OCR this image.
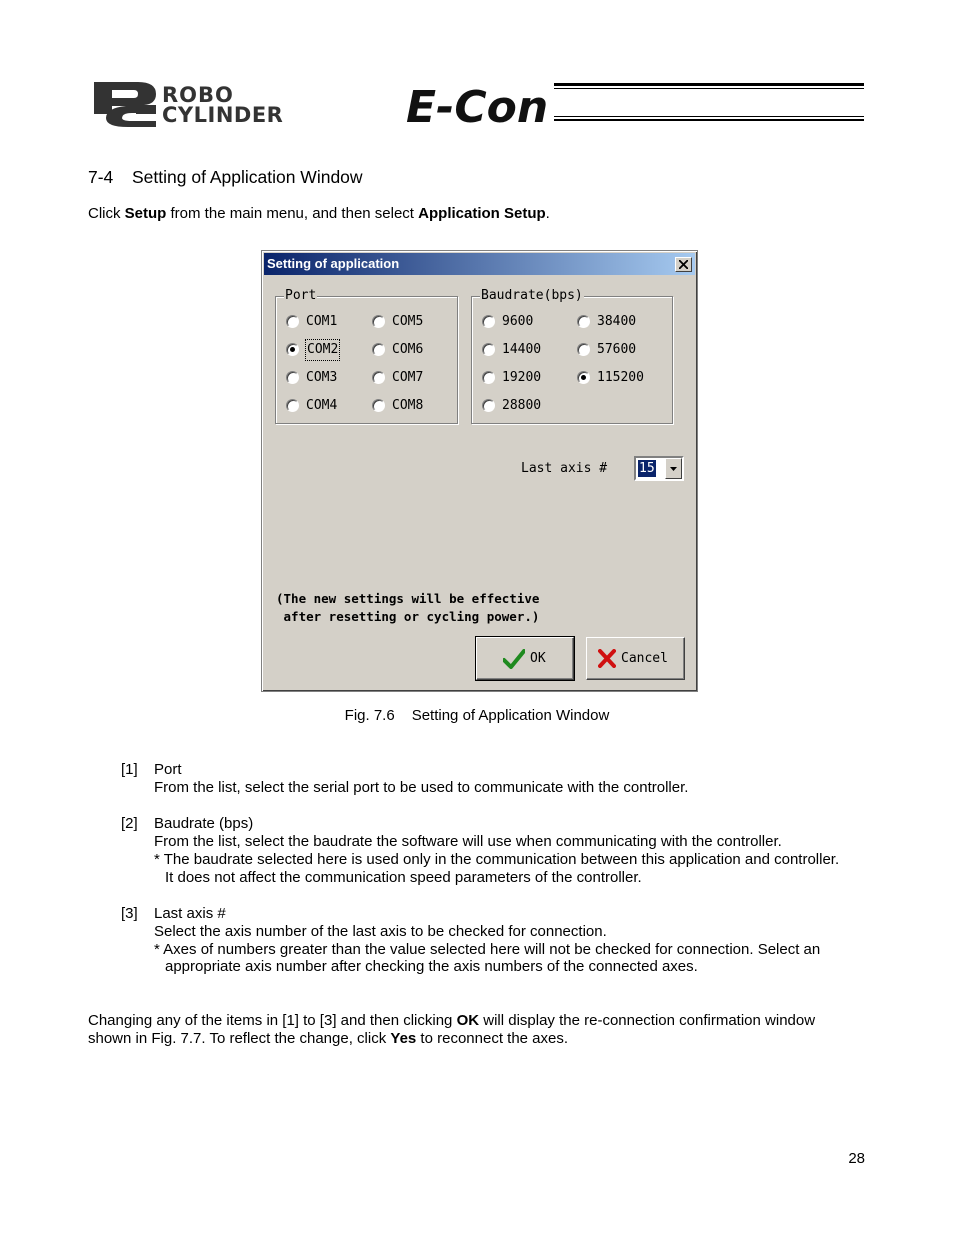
ROBO
CYLINDER	E-Con
7-4 Setting of Application Window
Click Setup from the main menu, and then select Application Setup.
Setting of application
Port
COM1
COM2
COM3
COM4
COM5
COM6
COM7
COM8
Baudrate(bps)
9600
14400
19200
28800
38400
57600
115200
Last axis # 15
(The new settings will be effective
after resetting or cycling power.)
OK	Cancel
Fig. 7.6 Setting of Application Window
[1] Port
From the list, select the serial port to be used to communicate with the controller.
[2] Baudrate (bps)
From the list, select the baudrate the software will use when communicating with the controller.
* The baudrate selected here is used only in the communication between this application and controller.
It does not affect the communication speed parameters of the controller.
[3] Last axis #
Select the axis number of the last axis to be checked for connection.
* Axes of numbers greater than the value selected here will not be checked for connection. Select an
appropriate axis number after checking the axis numbers of the connected axes.
Changing any of the items in [1] to [3] and then clicking OK will display the re-connection confirmation window
shown in Fig. 7.7. To reflect the change, click Yes to reconnect the axes.
28
